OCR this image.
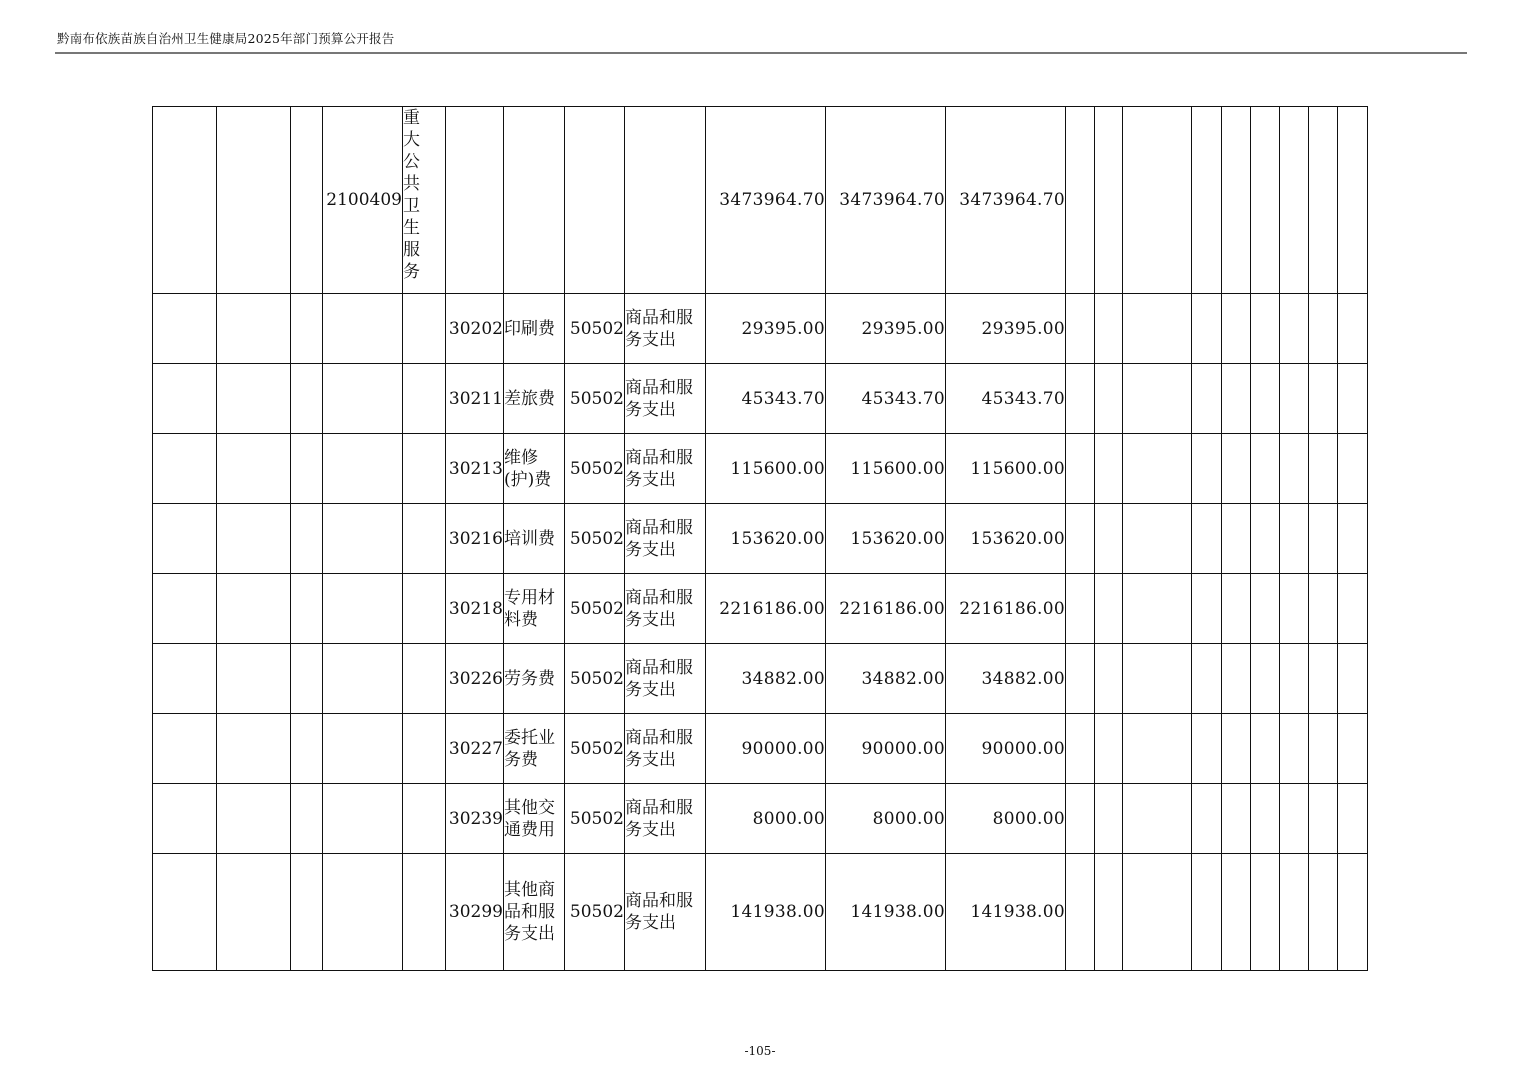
黔南布依族苗族自治州卫生健康局2025年部门预算公开报告
			2100409	重大公共卫生服务					3473964.70	3473964.70	3473964.70									
					30202	印刷费	50502	商品和服务支出	29395.00	29395.00	29395.00									
					30211	差旅费	50502	商品和服务支出	45343.70	45343.70	45343.70									
					30213	维修(护)费	50502	商品和服务支出	115600.00	115600.00	115600.00									
					30216	培训费	50502	商品和服务支出	153620.00	153620.00	153620.00									
					30218	专用材料费	50502	商品和服务支出	2216186.00	2216186.00	2216186.00									
					30226	劳务费	50502	商品和服务支出	34882.00	34882.00	34882.00									
					30227	委托业务费	50502	商品和服务支出	90000.00	90000.00	90000.00									
					30239	其他交通费用	50502	商品和服务支出	8000.00	8000.00	8000.00									
					30299	其他商品和服务支出	50502	商品和服务支出	141938.00	141938.00	141938.00									
-105-
